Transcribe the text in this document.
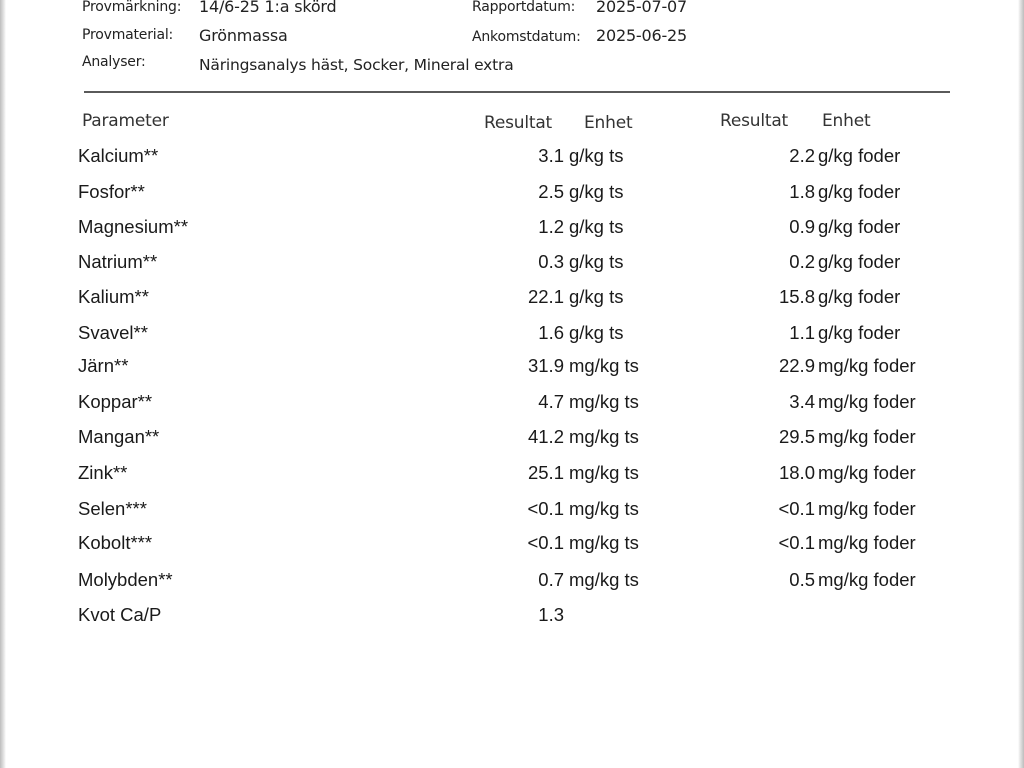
Provmärkning: 14/6-25 1:a skörd	Rapportdatum: 2025-07-07
Provmaterial: Grönmassa	Ankomstdatum: 2025-06-25
Analyser:	Näringsanalys häst, Socker, Mineral extra
Parameter	Resultat Enhet	Resultat Enhet
Kalcium**	3.1 g/kg ts	2.2 g/kg foder
Fosfor**	2.5 g/kg ts	1.8 g/kg foder
Magnesium**	1.2 g/kg ts	0.9 g/kg foder
Natrium**	0.3 g/kg ts	0.2 g/kg foder
Kalium**	22.1 g/kg ts	15.8 g/kg foder
Svavel**	1.6 g/kg ts	1.1 g/kg foder
Järn**	31.9 mg/kg ts	22.9 mg/kg foder
Koppar**	4.7 mg/kg ts	3.4 mg/kg foder
Mangan**	41.2 mg/kg ts	29.5 mg/kg foder
Zink**	25.1 mg/kg ts	18.0 mg/kg foder
Selen***	<0.1 mg/kg ts	<0.1 mg/kg foder
Kobolt***	<0.1 mg/kg ts	<0.1 mg/kg foder
Molybden**	0.7 mg/kg ts	0.5 mg/kg foder
Kvot Ca/P	1.3
